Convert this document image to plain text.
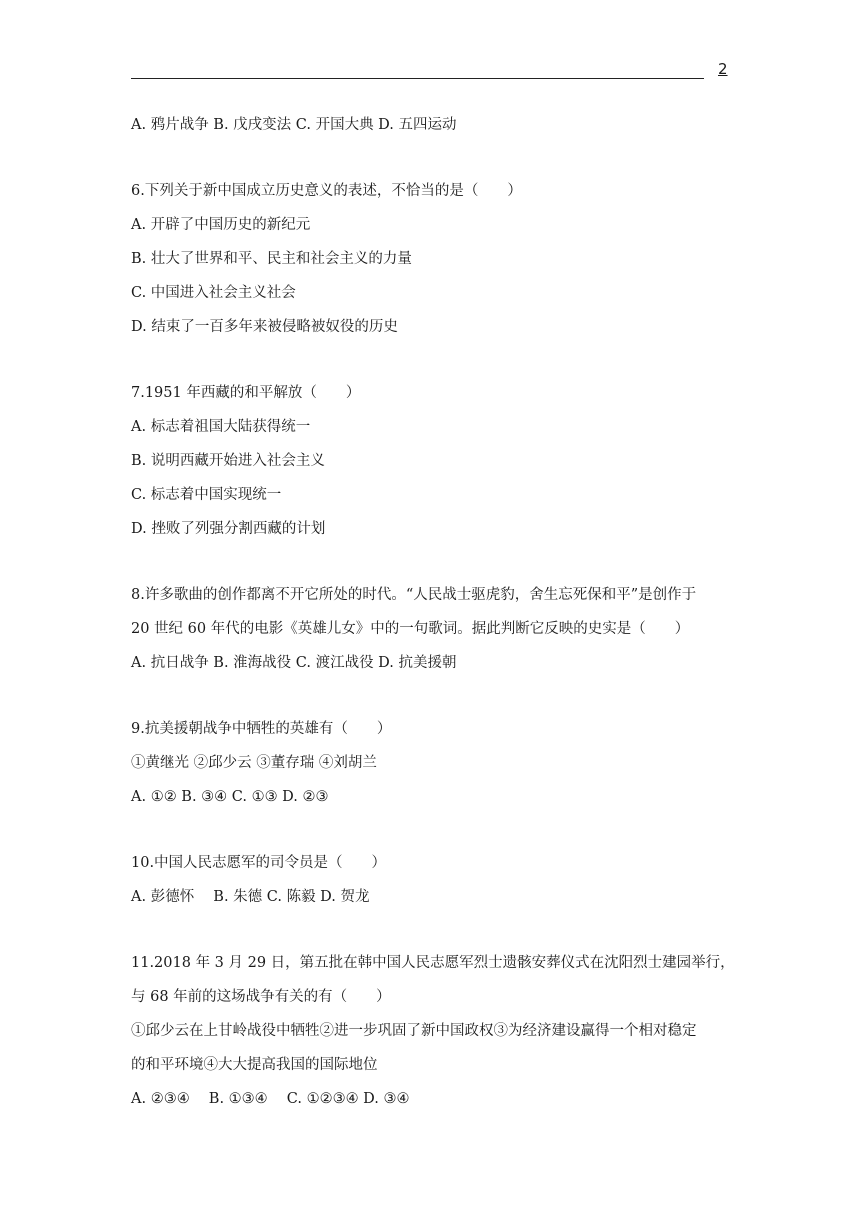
2
A. 鸦片战争 B. 戊戌变法 C. 开国大典 D. 五四运动
6.下列关于新中国成立历史意义的表述，不恰当的是（　　）
A. 开辟了中国历史的新纪元
B. 壮大了世界和平、民主和社会主义的力量
C. 中国进入社会主义社会
D. 结束了一百多年来被侵略被奴役的历史
7.1951 年西藏的和平解放（　　）
A. 标志着祖国大陆获得统一
B. 说明西藏开始进入社会主义
C. 标志着中国实现统一
D. 挫败了列强分割西藏的计划
8.许多歌曲的创作都离不开它所处的时代。“人民战士驱虎豹，舍生忘死保和平”是创作于
20 世纪 60 年代的电影《英雄儿女》中的一句歌词。据此判断它反映的史实是（　　）
A. 抗日战争 B. 淮海战役 C. 渡江战役 D. 抗美援朝
9.抗美援朝战争中牺牲的英雄有（　　）
①黄继光 ②邱少云 ③董存瑞 ④刘胡兰
A. ①② B. ③④ C. ①③ D. ②③
10.中国人民志愿军的司令员是（　　）
A. 彭德怀　 B. 朱德 C. 陈毅 D. 贺龙
11.2018 年 3 月 29 日，第五批在韩中国人民志愿军烈士遗骸安葬仪式在沈阳烈士建园举行，
与 68 年前的这场战争有关的有（　　）
①邱少云在上甘岭战役中牺牲②进一步巩固了新中国政权③为经济建设赢得一个相对稳定
的和平环境④大大提高我国的国际地位
A. ②③④　 B. ①③④　 C. ①②③④ D. ③④
